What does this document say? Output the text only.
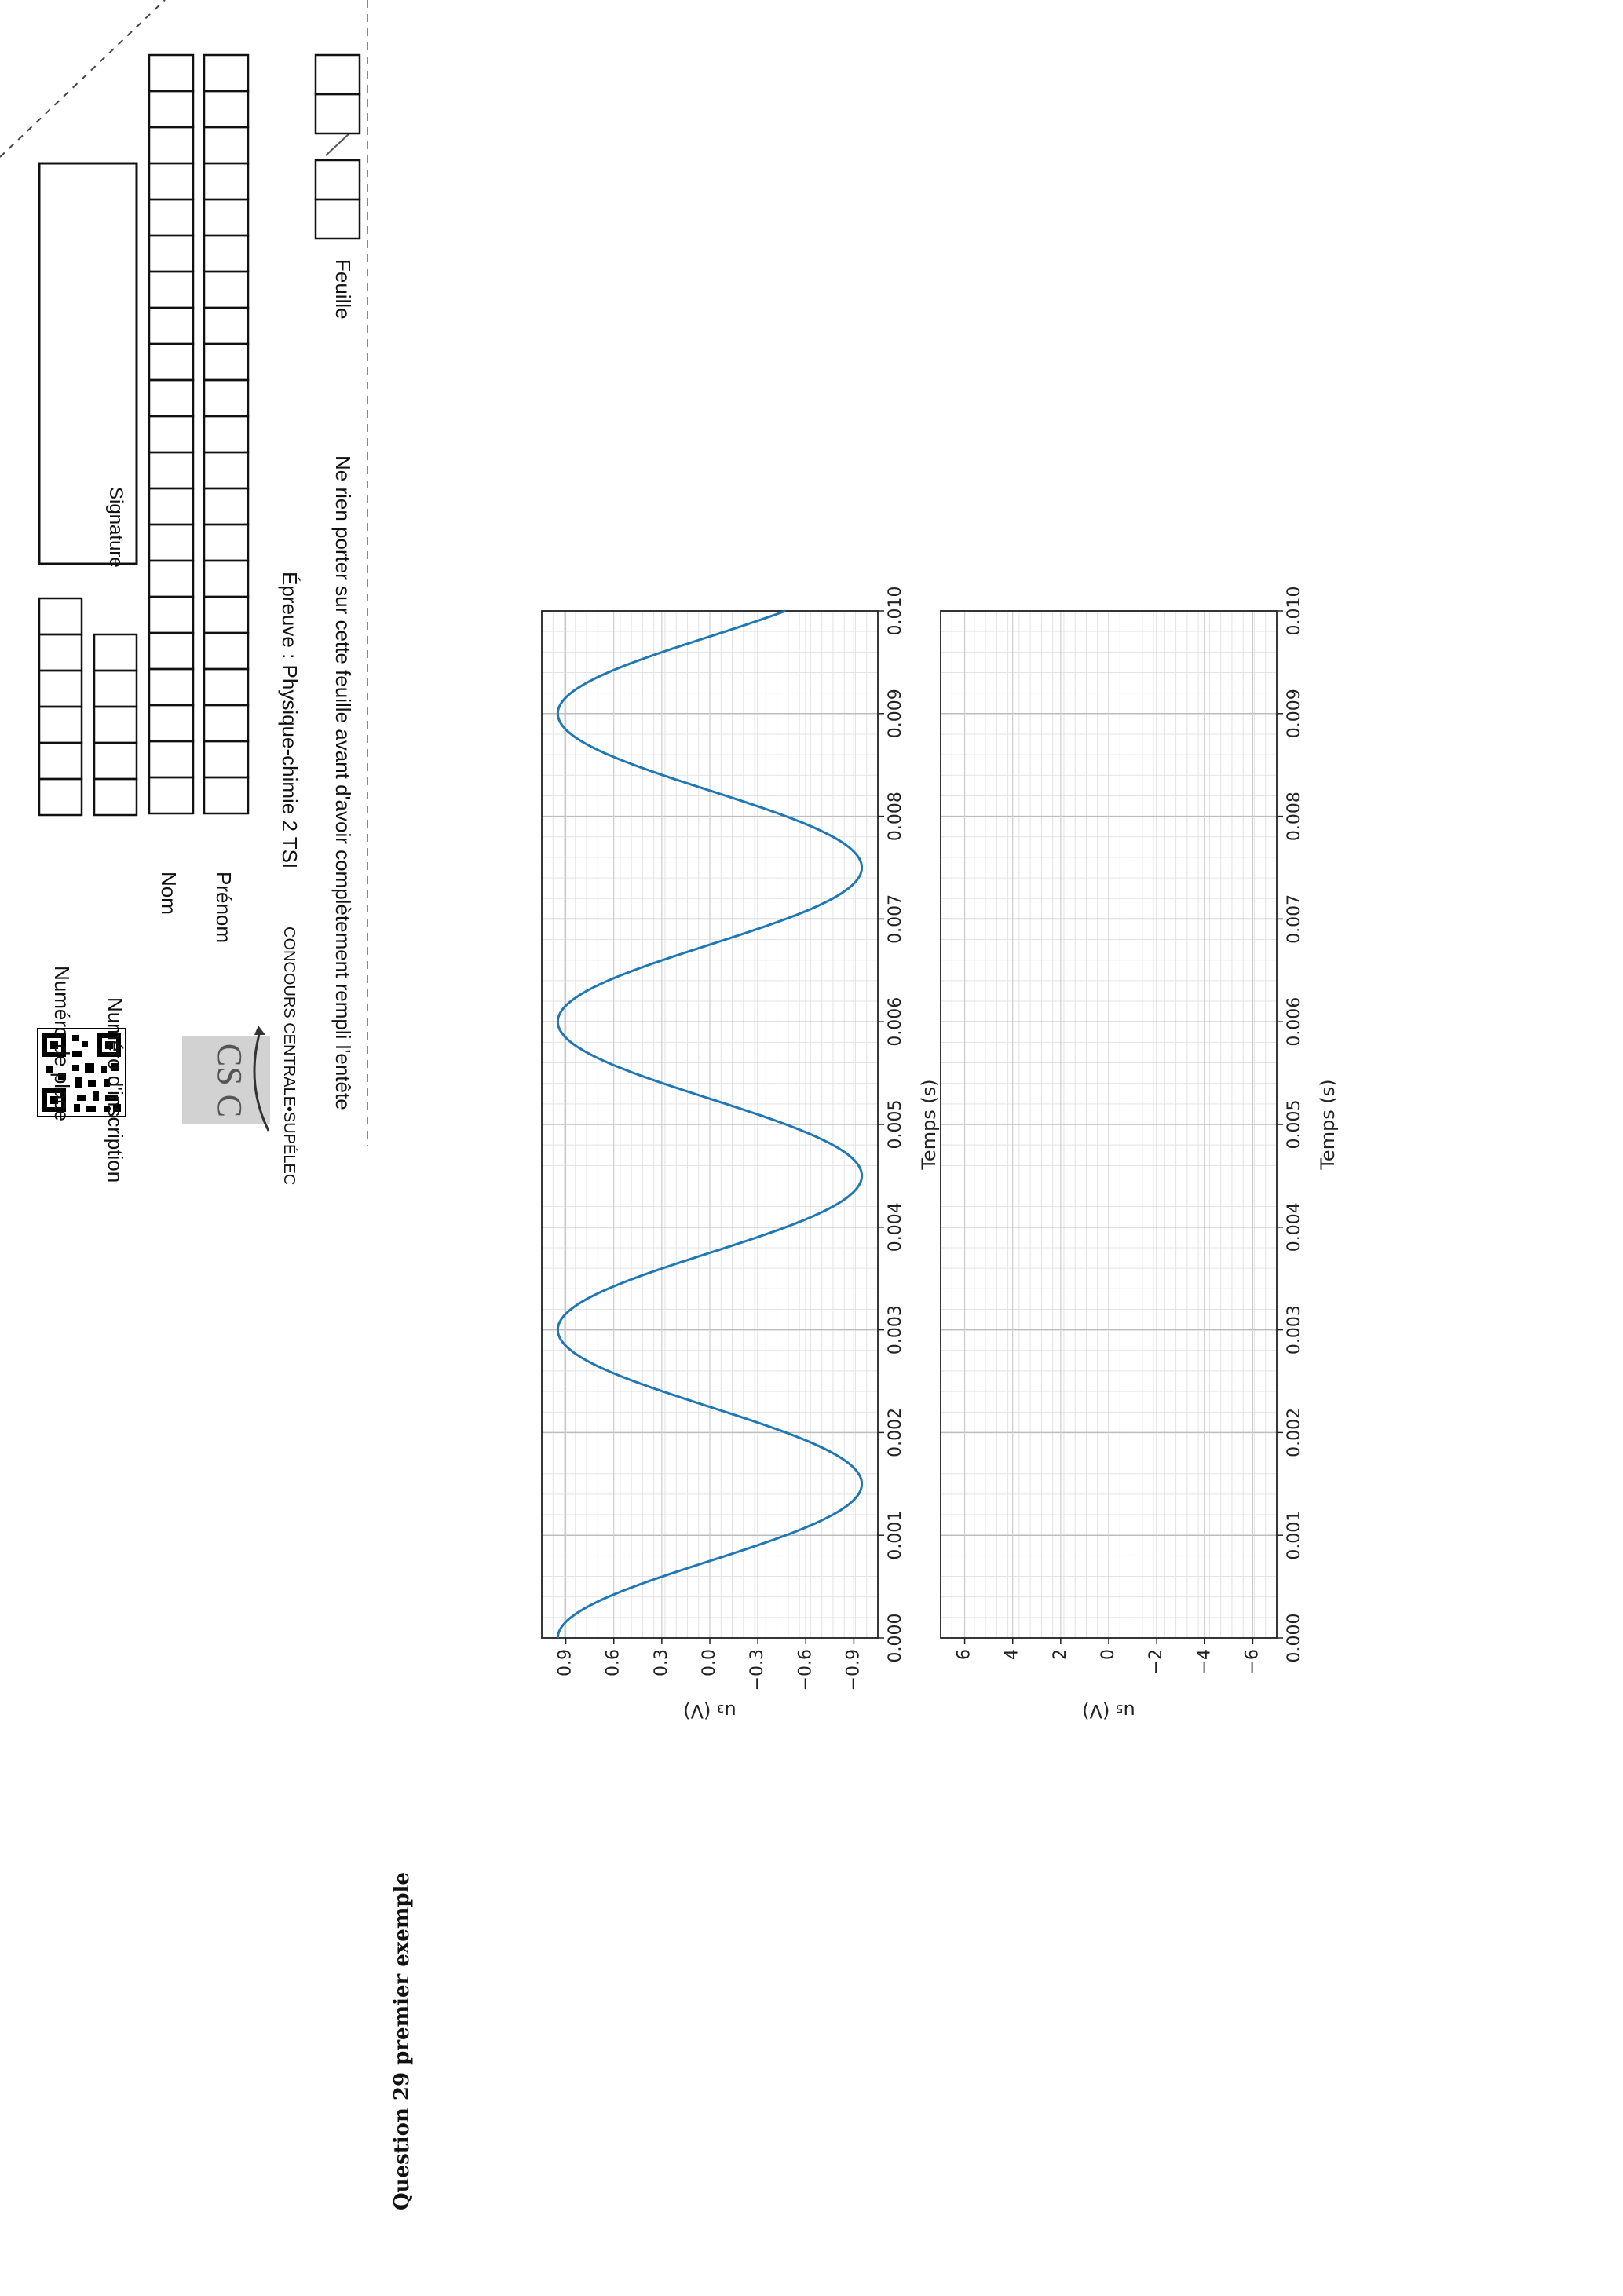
CS C
Numéro de place Numéro d'inscription
Nom Prénom
CONCOURS CENTRALE•SUPÉLEC
Épreuve : Physique-chimie 2 TSI Ne rien porter sur cette feuille avant d'avoir complètement rempli l'entête
Feuille
Signature
0.000
0.001
0.002
0.003
0.004
0.005
0.006
0.007
0.008
0.009
0.010
0.9 0.6 0.3 0.0 −0.3 −0.6 −0.9
Temps (s)
u₃ (V)
0.000
0.001
0.002
0.003
0.004
0.005
0.006
0.007
0.008
0.009
0.010
6 4 2 0 −2 −4 −6
Temps (s)
u₅ (V)
Question 29 premier exemple
